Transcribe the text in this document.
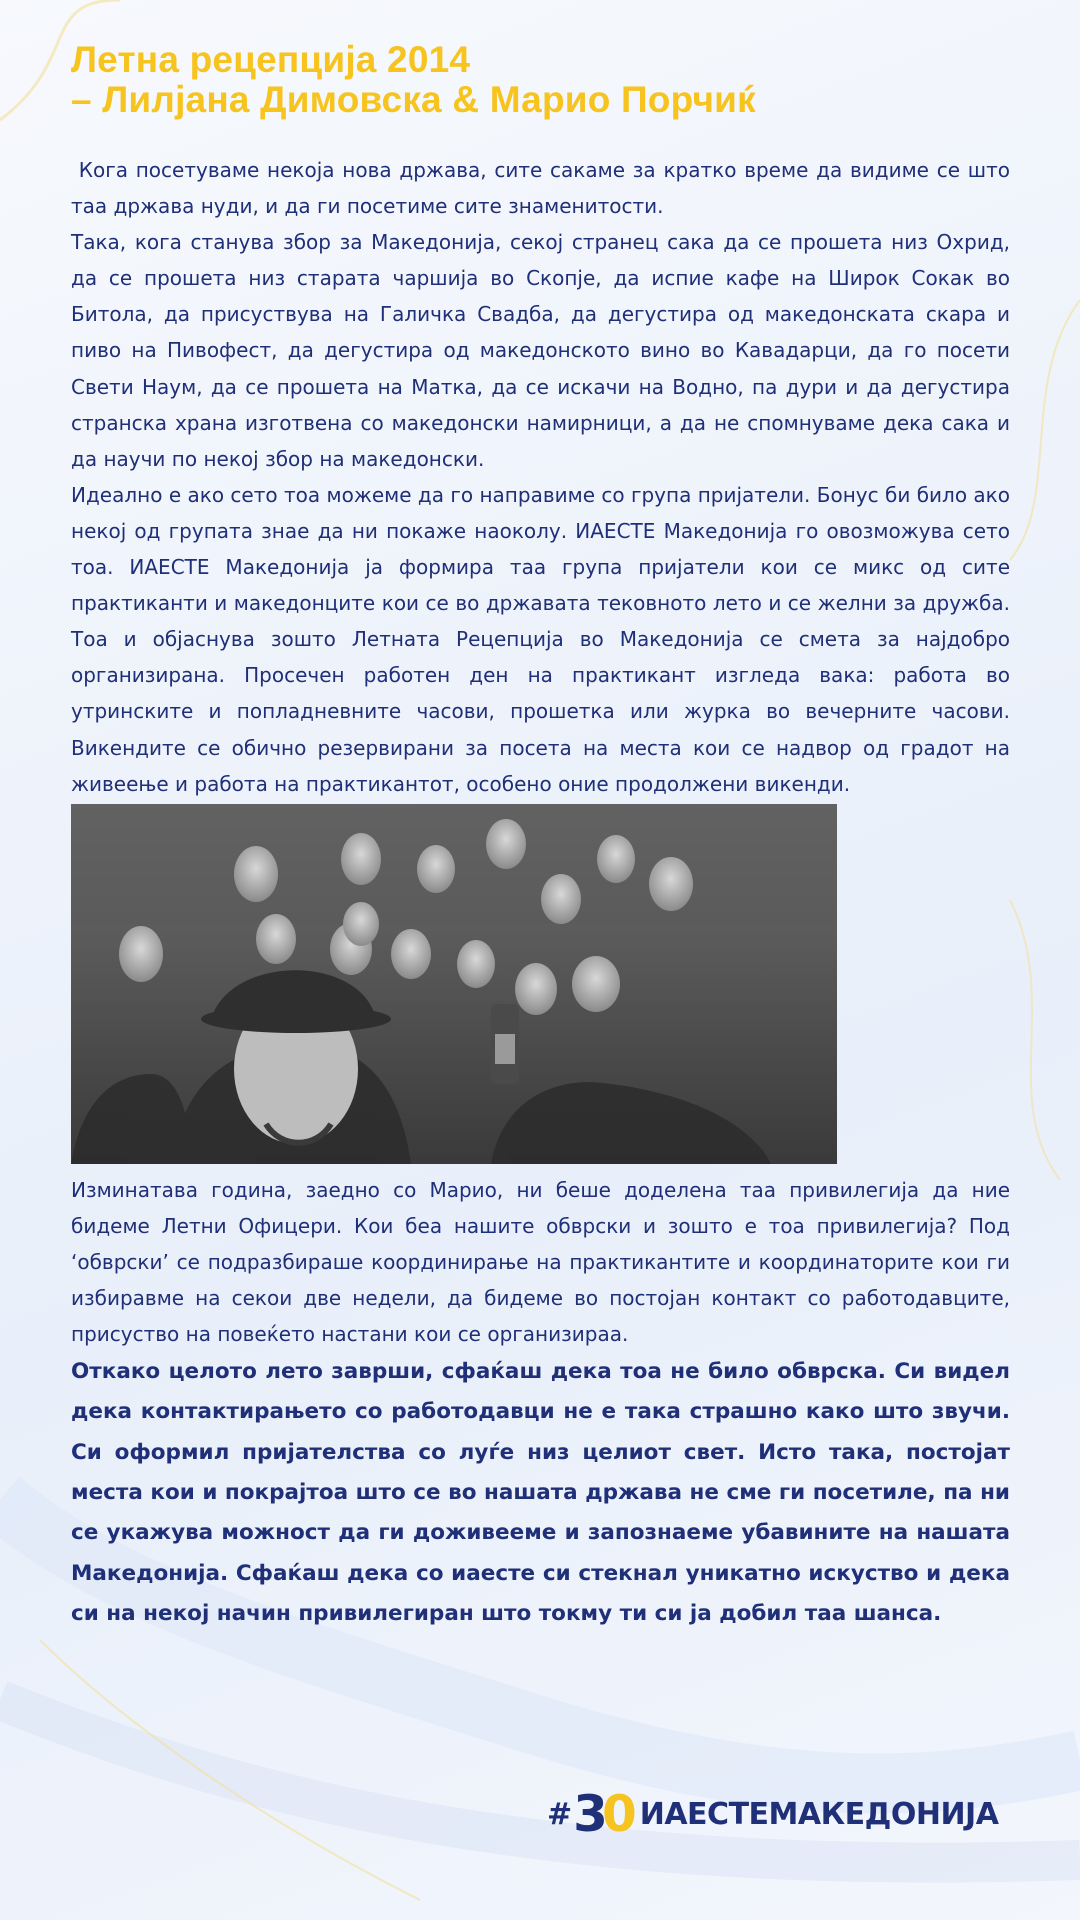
Летна рецепција 2014
– Лилјана Димовска & Марио Порчиќ

Кога посетуваме некоја нова држава, сите сакаме за кратко време да видиме се што таа држава нуди, и да ги посетиме сите знаменитости.

Така, кога станува збор за Македонија, секој странец сака да се прошета низ Охрид, да се прошета низ старата чаршија во Скопје, да испие кафе на Широк Сокак во Битола, да присуствува на Галичка Свадба, да дегустира од македонската скара и пиво на Пивофест, да дегустира од македонското вино во Кавадарци, да го посети Свети Наум, да се прошета на Матка, да се искачи на Водно, па дури и да дегустира странска храна изготвена со македонски намирници, а да не спомнуваме дека сака и да научи по некој збор на македонски.

Идеално е ако сето тоа можеме да го направиме со група пријатели. Бонус би било ако некој од групата знае да ни покаже наоколу. ИАЕСТЕ Македонија го овозможува сето тоа. ИАЕСТЕ Македонија ја формира таа група пријатели кои се микс од сите практиканти и македонците кои се во државата тековното лето и се желни за дружба. Тоа и објаснува зошто Летната Рецепција во Македонија се смета за најдобро организирана. Просечен работен ден на практикант изгледа вака: работа во утринските и попладневните часови, прошетка или журка во вечерните часови. Викендите се обично резервирани за посета на места кои се надвор од градот на живеење и работа на практикантот, особено оние продолжени викенди.

Изминатава година, заедно со Марио, ни беше доделена таа привилегија да ние бидеме Летни Офицери. Кои беа нашите обврски и зошто е тоа привилегија? Под ‘обврски’ се подразбираше координирање на практикантите и координаторите кои ги избиравме на секои две недели, да бидеме во постојан контакт со работодавците, присуство на повеќето настани кои се организираа.

Откако целото лето заврши, сфаќаш дека тоа не било обврска. Си видел дека контактирањето со работодавци не е така страшно како што звучи. Си оформил пријателства со луѓе низ целиот свет. Исто така, постојат места кои и покрајтоа што се во нашата држава не сме ги посетиле, па ни се укажува можност да ги доживееме и запознаеме убавините на нашата Македонија. Сфаќаш дека со иаесте си стекнал уникатно искуство и дека си на некој начин привилегиран што токму ти си ја добил таа шанса.

# 30 ИАЕСТЕМАКЕДОНИЈА
